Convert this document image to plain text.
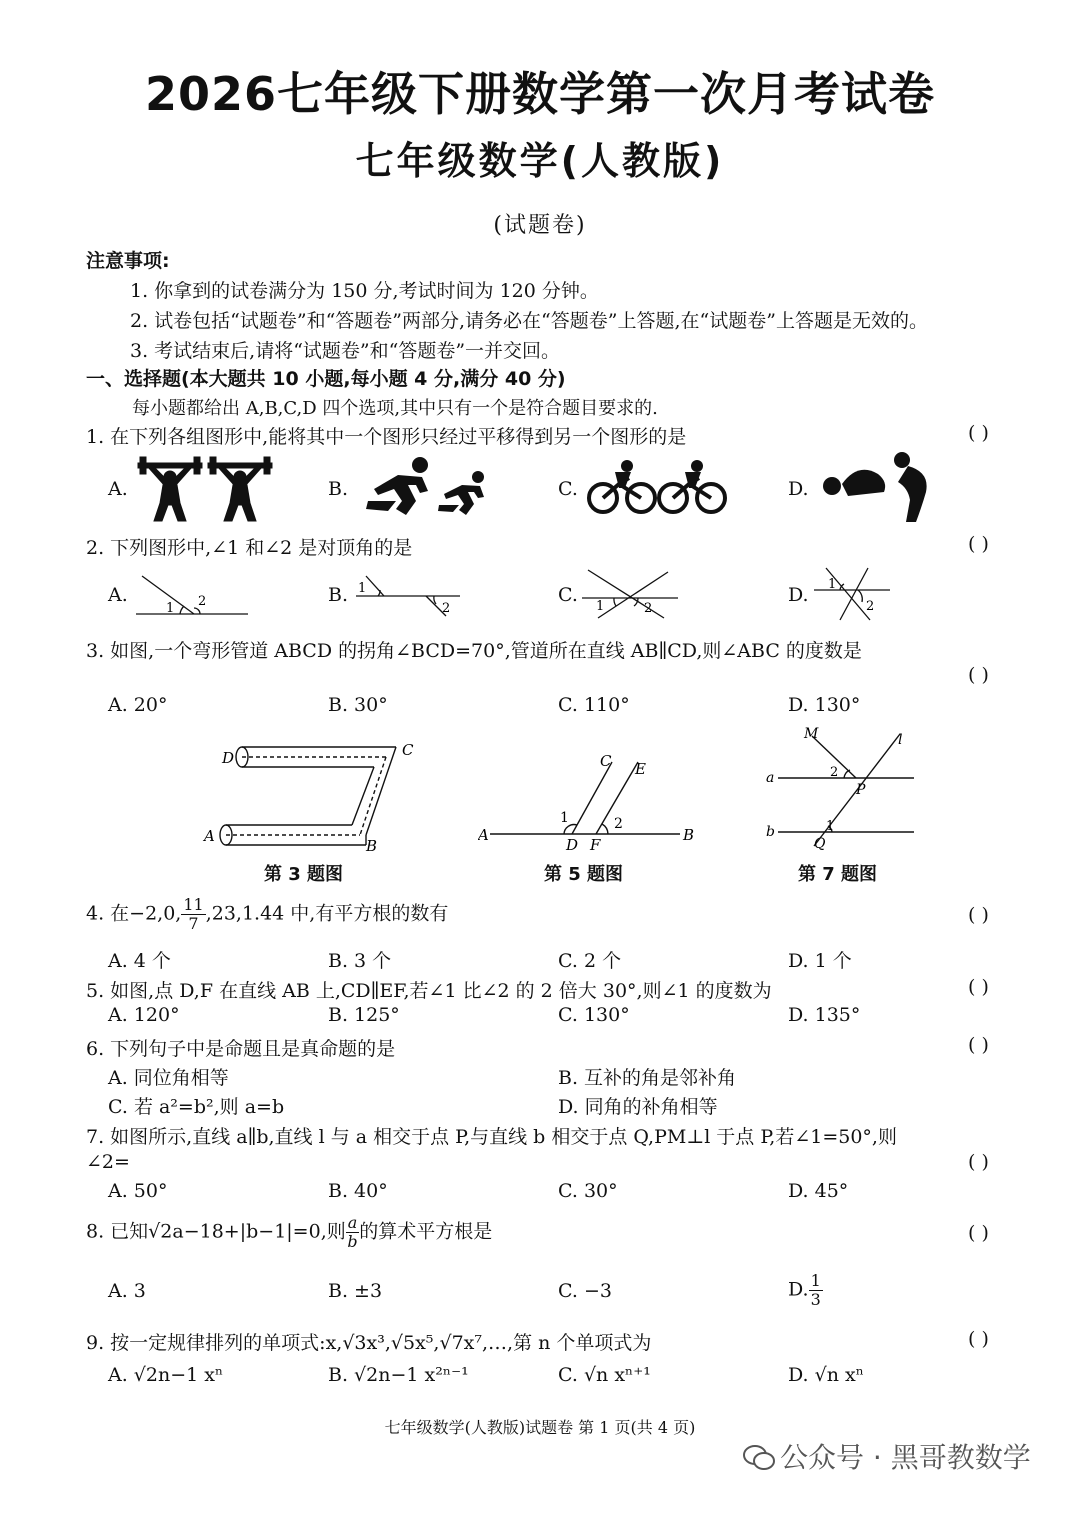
2026七年级下册数学第一次月考试卷
七年级数学(人教版)
(试题卷)
注意事项:
1. 你拿到的试卷满分为 150 分,考试时间为 120 分钟。
2. 试卷包括“试题卷”和“答题卷”两部分,请务必在“答题卷”上答题,在“试题卷”上答题是无效的。
3. 考试结束后,请将“试题卷”和“答题卷”一并交回。
一、选择题(本大题共 10 小题,每小题 4 分,满分 40 分)
每小题都给出 A,B,C,D 四个选项,其中只有一个是符合题目要求的.
1. 在下列各组图形中,能将其中一个图形只经过平移得到另一个图形的是	( )
A.	B.	C.	D.
2. 下列图形中,∠1 和∠2 是对顶角的是	( )
A.	B.	C.	D.
1 2
1
2	1	2
1
2
3. 如图,一个弯形管道 ABCD 的拐角∠BCD=70°,管道所在直线 AB∥CD,则∠ABC 的度数是
( )
A. 20°	B. 30°	C. 110°	D. 130°
D	C
A
B
第 3 题图
A
C E
1	2
D F
B
第 5 题图
M	l
a	2
P
b	1
Q
第 7 题图
4. 在−2,0, $\frac{11}{7} ,23,1.44$ 中,有平方根的数有	( )
A. 4 个	B. 3 个	C. 2 个	D. 1 个
5. 如图,点 D,F 在直线 AB 上,CD∥EF,若∠1 比∠2 的 2 倍大 30°,则∠1 的度数为	( )
A. 120°	B. 125°	C. 130°	D. 135°
6. 下列句子中是命题且是真命题的是	( )
A. 同位角相等	B. 互补的角是邻补角
C. 若 a²=b²,则 a=b	D. 同角的补角相等
7. 如图所示,直线 a∥b,直线 l 与 a 相交于点 P,与直线 b 相交于点 Q,PM⊥l 于点 P,若∠1=50°,则
∠2=	( )
A. 50°	B. 40°	C. 30°	D. 45°
8. 已知√2a−18+|b−1|=0,则 $\frac{a}{b}$ 的算术平方根是	( )
A. 3	B. ±3	C. −3	D. $\frac{1}{3}$
9. 按一定规律排列的单项式:x,√3x³,√5x⁵,√7x⁷,…,第 n 个单项式为	( )
A. √2n−1 xⁿ	B. √2n−1 x²ⁿ⁻¹	C. √n xⁿ⁺¹	D. √n xⁿ
七年级数学(人教版)试题卷 第 1 页(共 4 页)
公众号 · 黑哥教数学
